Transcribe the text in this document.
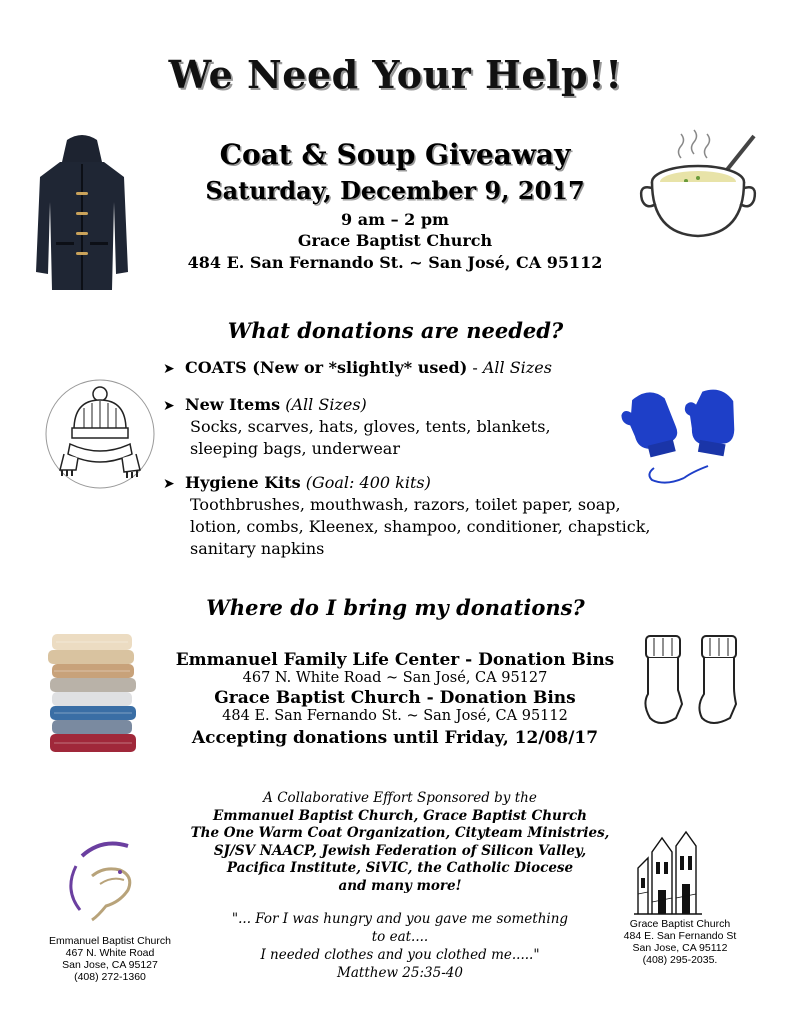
We Need Your Help!!
Coat & Soup Giveaway
Saturday, December 9, 2017
9 am – 2 pm
Grace Baptist Church
484 E. San Fernando St. ~ San José, CA 95112
What donations are needed?
➤ COATS (New or *slightly* used) - All Sizes
➤ New Items (All Sizes)
Socks, scarves, hats, gloves, tents, blankets,
sleeping bags, underwear
➤ Hygiene Kits (Goal: 400 kits)
Toothbrushes, mouthwash, razors, toilet paper, soap,
lotion, combs, Kleenex, shampoo, conditioner, chapstick,
sanitary napkins
Where do I bring my donations?
Emmanuel Family Life Center - Donation Bins
467 N. White Road ~ San José, CA 95127
Grace Baptist Church - Donation Bins
484 E. San Fernando St. ~ San José, CA 95112
Accepting donations until Friday, 12/08/17
A Collaborative Effort Sponsored by the
Emmanuel Baptist Church, Grace Baptist Church
The One Warm Coat Organization, Cityteam Ministries,
SJ/SV NAACP, Jewish Federation of Silicon Valley,
Pacifica Institute, SiVIC, the Catholic Diocese
and many more!
"... For I was hungry and you gave me something
to eat....
I needed clothes and you clothed me....."
Matthew 25:35-40
Emmanuel Baptist Church
467 N. White Road
San Jose, CA 95127
(408) 272-1360
Grace Baptist Church
484 E. San Fernando St
San Jose, CA 95112
(408) 295-2035.
